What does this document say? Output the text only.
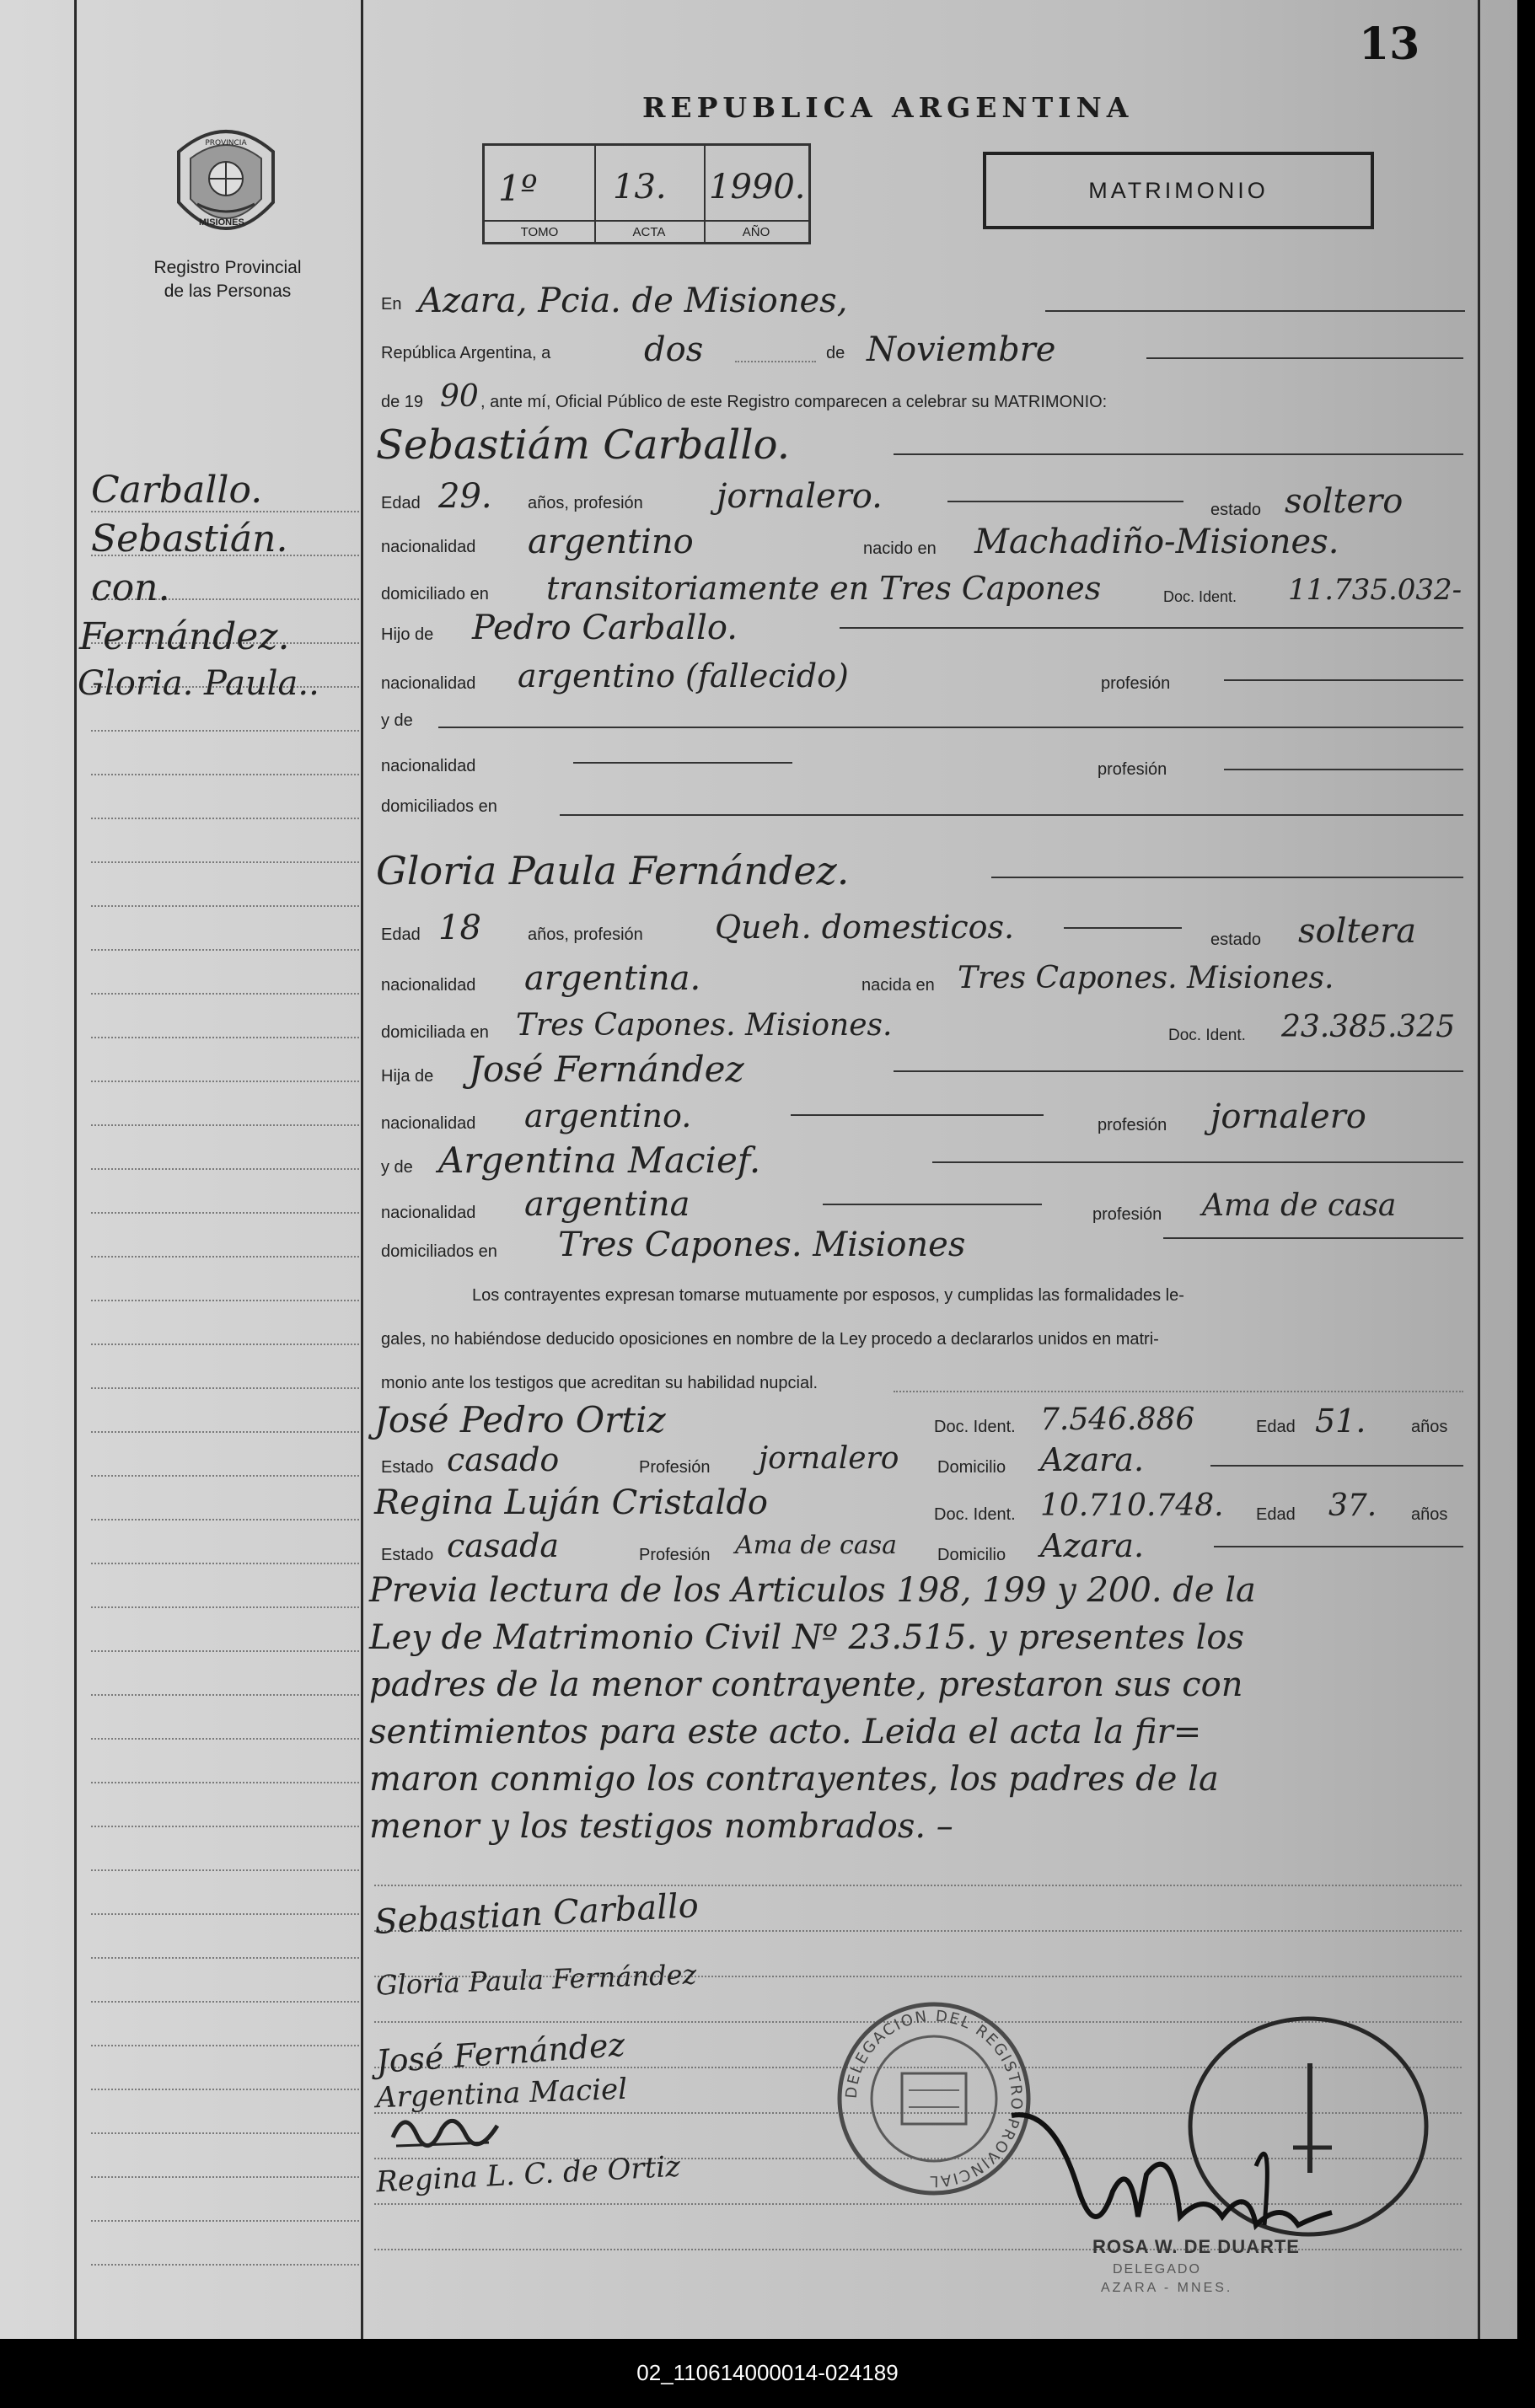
13
PROVINCIA
MISIONES
Registro Provincial
de las Personas
REPUBLICA ARGENTINA
1º
TOMO
13.
ACTA
1990.
AÑO
MATRIMONIO
Carballo.
Sebastián.
con.
Fernández.
Gloria. Paula..
En Azara, Pcia. de Misiones,
República Argentina, a	dos	de Noviembre
de 19 90 , ante mí, Oficial Público de este Registro comparecen a celebrar su MATRIMONIO:
Sebastiám Carballo.
Edad 29. años, profesión jornalero.	estado soltero
nacionalidad argentino	nacido en Machadiño-Misiones.
domiciliado en transitoriamente en Tres Capones	Doc. Ident. 11.735.032-
Hijo de Pedro Carballo.
nacionalidad argentino (fallecido)	profesión
y de
nacionalidad	profesión
domiciliados en
Gloria Paula Fernández.
Edad 18	años, profesión Queh. domesticos.	estado soltera
nacionalidad argentina.	nacida en Tres Capones. Misiones.
domiciliada en Tres Capones. Misiones.	Doc. Ident. 23.385.325
Hija de José Fernández
nacionalidad argentino.	profesión jornalero
y de Argentina Macief.
nacionalidad argentina	profesión Ama de casa
domiciliados en Tres Capones. Misiones
Los contrayentes expresan tomarse mutuamente por esposos, y cumplidas las formalidades le-
gales, no habiéndose deducido oposiciones en nombre de la Ley procedo a declararlos unidos en matri-
monio ante los testigos que acreditan su habilidad nupcial.
José Pedro Ortiz	Doc. Ident. 7.546.886	Edad 51.	años
Estado casado	Profesión jornalero Domicilio Azara.
Regina Luján Cristaldo	Doc. Ident. 10.710.748. Edad 37. años
Estado casada	Profesión Ama de casa Domicilio Azara.
Previa lectura de los Articulos 198, 199 y 200. de la
Ley de Matrimonio Civil Nº 23.515. y presentes los
padres de la menor contrayente, prestaron sus con
sentimientos para este acto. Leida el acta la fir=
maron conmigo los contrayentes, los padres de la
menor y los testigos nombrados. –
Sebastian Carballo
Gloria Paula Fernández
José Fernández
Argentina Maciel
Regina L. C. de Ortiz
DELEGACION DEL REGISTRO PROVINCIAL
ROSA W. DE DUARTE
DELEGADO
AZARA - MNES.
02_110614000014-024189
